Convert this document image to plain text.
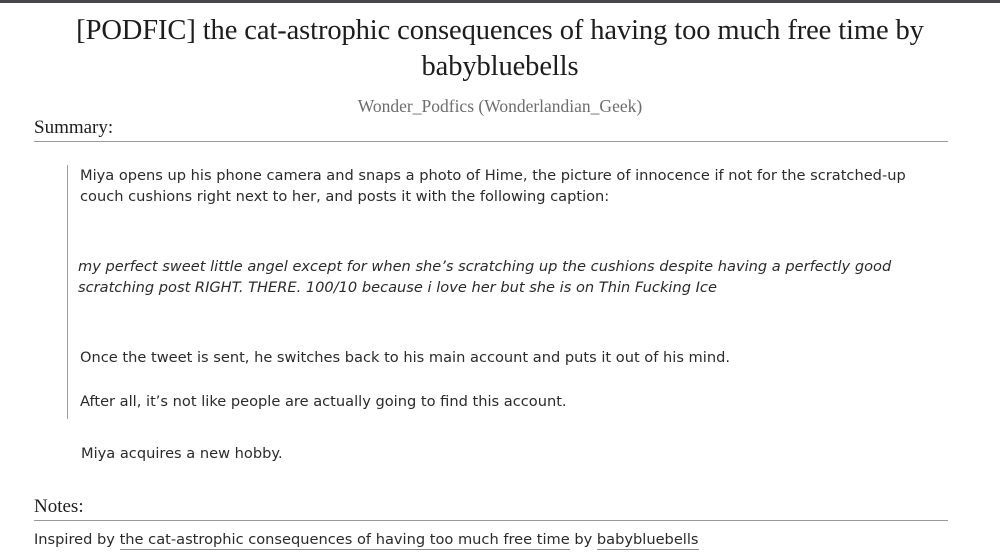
[PODFIC] the cat-astrophic consequences of having too much free time by babybluebells
Wonder_Podfics (Wonderlandian_Geek)
Summary:

Miya opens up his phone camera and snaps a photo of Hime, the picture of innocence if not for the scratched-up couch cushions right next to her, and posts it with the following caption:

my perfect sweet little angel except for when she’s scratching up the cushions despite having a perfectly good scratching post RIGHT. THERE. 100/10 because i love her but she is on Thin Fucking Ice

Once the tweet is sent, he switches back to his main account and puts it out of his mind.

After all, it’s not like people are actually going to find this account.

Miya acquires a new hobby.
Notes:
Inspired by the cat-astrophic consequences of having too much free time by babybluebells
